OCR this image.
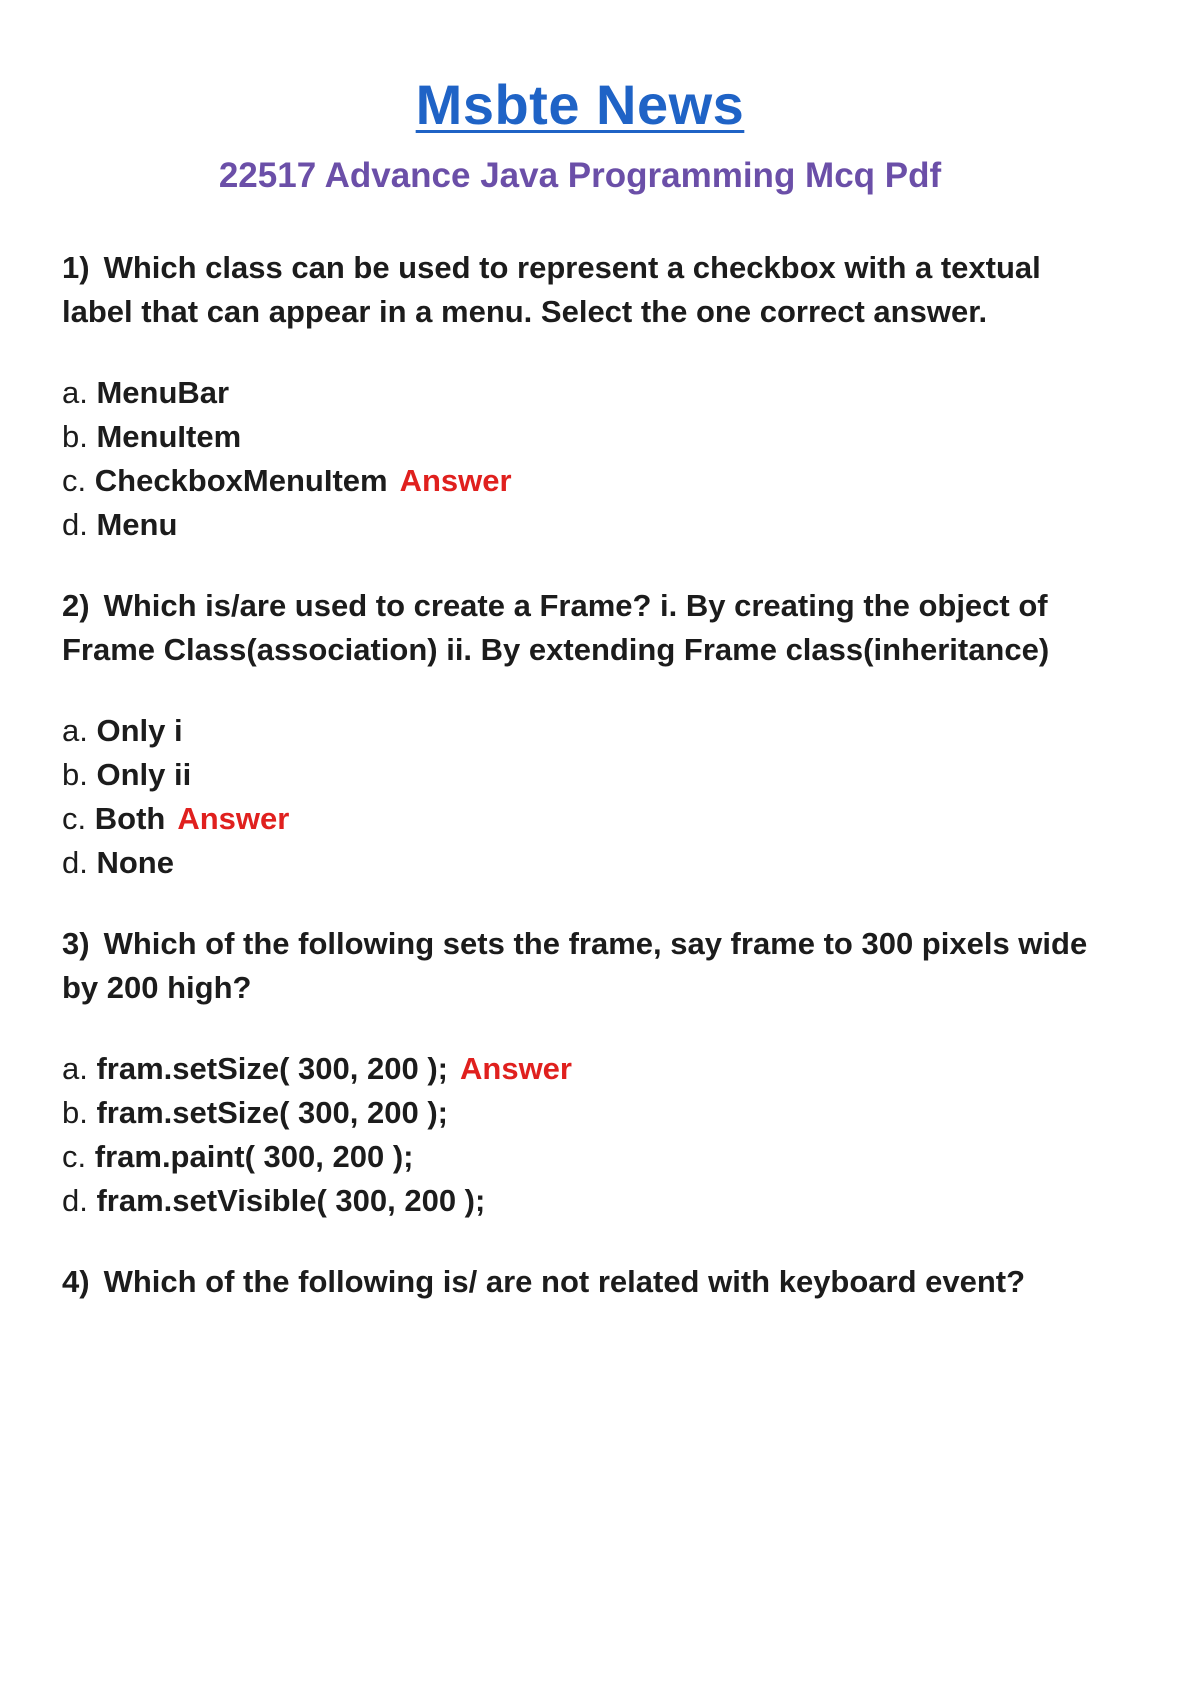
Msbte News
22517 Advance Java Programming Mcq Pdf

1) Which class can be used to represent a checkbox with a textual label that can appear in a menu. Select the one correct answer.

a. MenuBar
b. MenuItem
c. CheckboxMenuItem Answer
d. Menu

2) Which is/are used to create a Frame? i. By creating the object of Frame Class(association) ii. By extending Frame class(inheritance)

a. Only i
b. Only ii
c. Both Answer
d. None

3) Which of the following sets the frame, say frame to 300 pixels wide by 200 high?

a. fram.setSize( 300, 200 ); Answer
b. fram.setSize( 300, 200 );
c. fram.paint( 300, 200 );
d. fram.setVisible( 300, 200 );

4) Which of the following is/ are not related with keyboard event?
